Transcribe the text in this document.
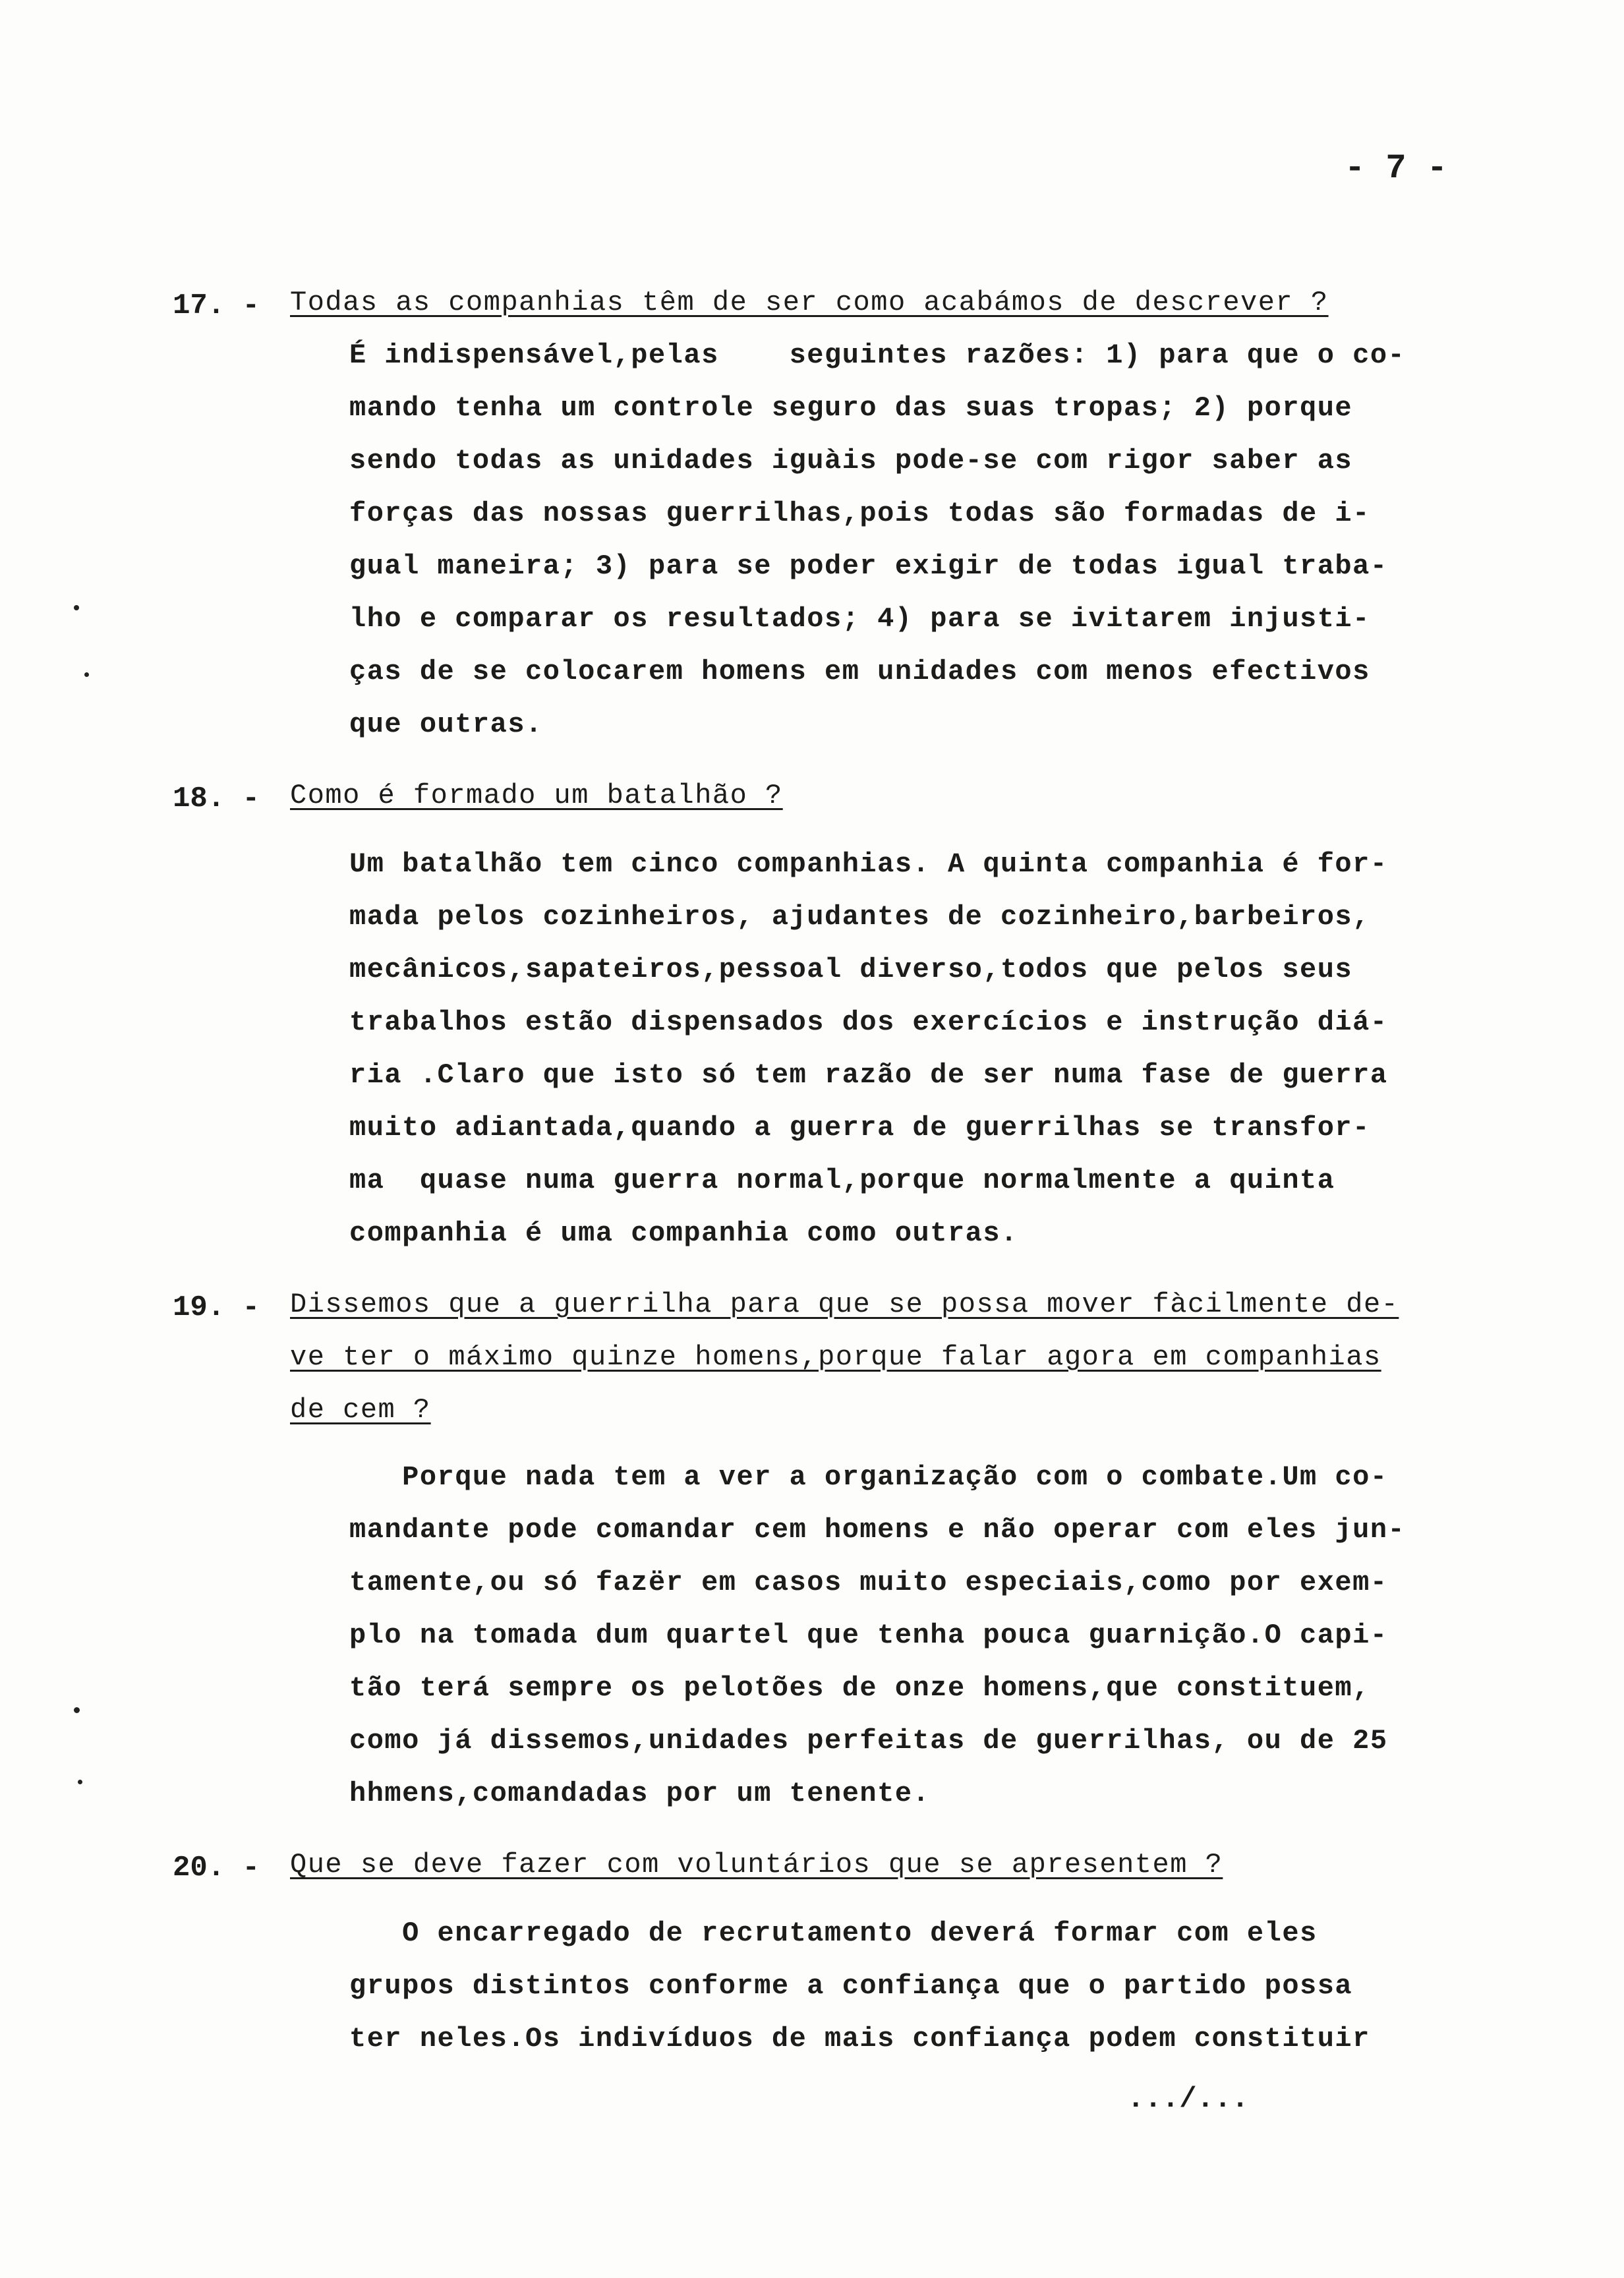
- 7 -
17. - Todas as companhias têm de ser como acabámos de descrever ?
É indispensável,pelas    seguintes razões: 1) para que o co-
mando tenha um controle seguro das suas tropas; 2) porque
sendo todas as unidades iguàis pode-se com rigor saber as
forças das nossas guerrilhas,pois todas são formadas de i-
gual maneira; 3) para se poder exigir de todas igual traba-
lho e comparar os resultados; 4) para se ivitarem injusti-
ças de se colocarem homens em unidades com menos efectivos
que outras.
18. - Como é formado um batalhão ?
Um batalhão tem cinco companhias. A quinta companhia é for-
mada pelos cozinheiros, ajudantes de cozinheiro,barbeiros,
mecânicos,sapateiros,pessoal diverso,todos que pelos seus
trabalhos estão dispensados dos exercícios e instrução diá-
ria .Claro que isto só tem razão de ser numa fase de guerra
muito adiantada,quando a guerra de guerrilhas se transfor-
ma  quase numa guerra normal,porque normalmente a quinta
companhia é uma companhia como outras.
19. - Dissemos que a guerrilha para que se possa mover fàcilmente de-
ve ter o máximo quinze homens,porque falar agora em companhias
de cem ?
Porque nada tem a ver a organização com o combate.Um co-
mandante pode comandar cem homens e não operar com eles jun-
tamente,ou só fazër em casos muito especiais,como por exem-
plo na tomada dum quartel que tenha pouca guarnição.O capi-
tão terá sempre os pelotões de onze homens,que constituem,
como já dissemos,unidades perfeitas de guerrilhas, ou de 25
hhmens,comandadas por um tenente.
20. - Que se deve fazer com voluntários que se apresentem ?
O encarregado de recrutamento deverá formar com eles
grupos distintos conforme a confiança que o partido possa
ter neles.Os indivíduos de mais confiança podem constituir
.../...
